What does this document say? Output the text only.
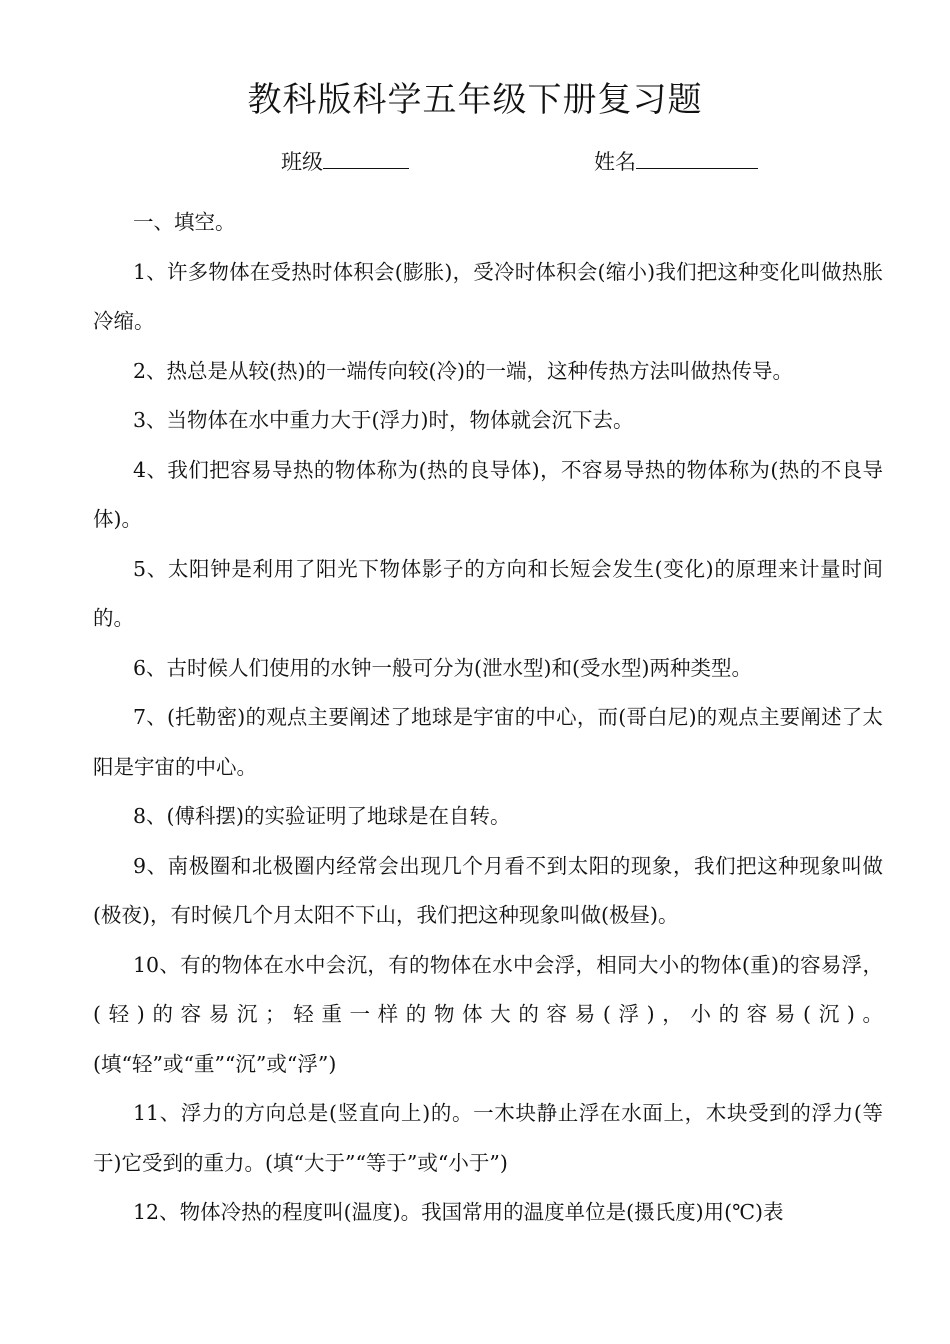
教科版科学五年级下册复习题
班级	姓名

一、填空。

1、许多物体在受热时体积会(膨胀)，受冷时体积会(缩小)我们把这种变化叫做热胀冷缩。

2、热总是从较(热)的一端传向较(冷)的一端，这种传热方法叫做热传导。

3、当物体在水中重力大于(浮力)时，物体就会沉下去。

4、我们把容易导热的物体称为(热的良导体)，不容易导热的物体称为(热的不良导体)。

5、太阳钟是利用了阳光下物体影子的方向和长短会发生(变化)的原理来计量时间的。

6、古时候人们使用的水钟一般可分为(泄水型)和(受水型)两种类型。

7、(托勒密)的观点主要阐述了地球是宇宙的中心，而(哥白尼)的观点主要阐述了太阳是宇宙的中心。

8、(傅科摆)的实验证明了地球是在自转。

9、南极圈和北极圈内经常会出现几个月看不到太阳的现象，我们把这种现象叫做(极夜)，有时候几个月太阳不下山，我们把这种现象叫做(极昼)。

10、有的物体在水中会沉，有的物体在水中会浮，相同大小的物体(重)的容易浮，(轻)的容易沉；轻重一样的物体大的容易(浮)，小的容易(沉)。(填“轻”或“重”“沉”或“浮”)

11、浮力的方向总是(竖直向上)的。一木块静止浮在水面上，木块受到的浮力(等于)它受到的重力。(填“大于”“等于”或“小于”)

12、物体冷热的程度叫(温度)。我国常用的温度单位是(摄氏度)用(℃)表
